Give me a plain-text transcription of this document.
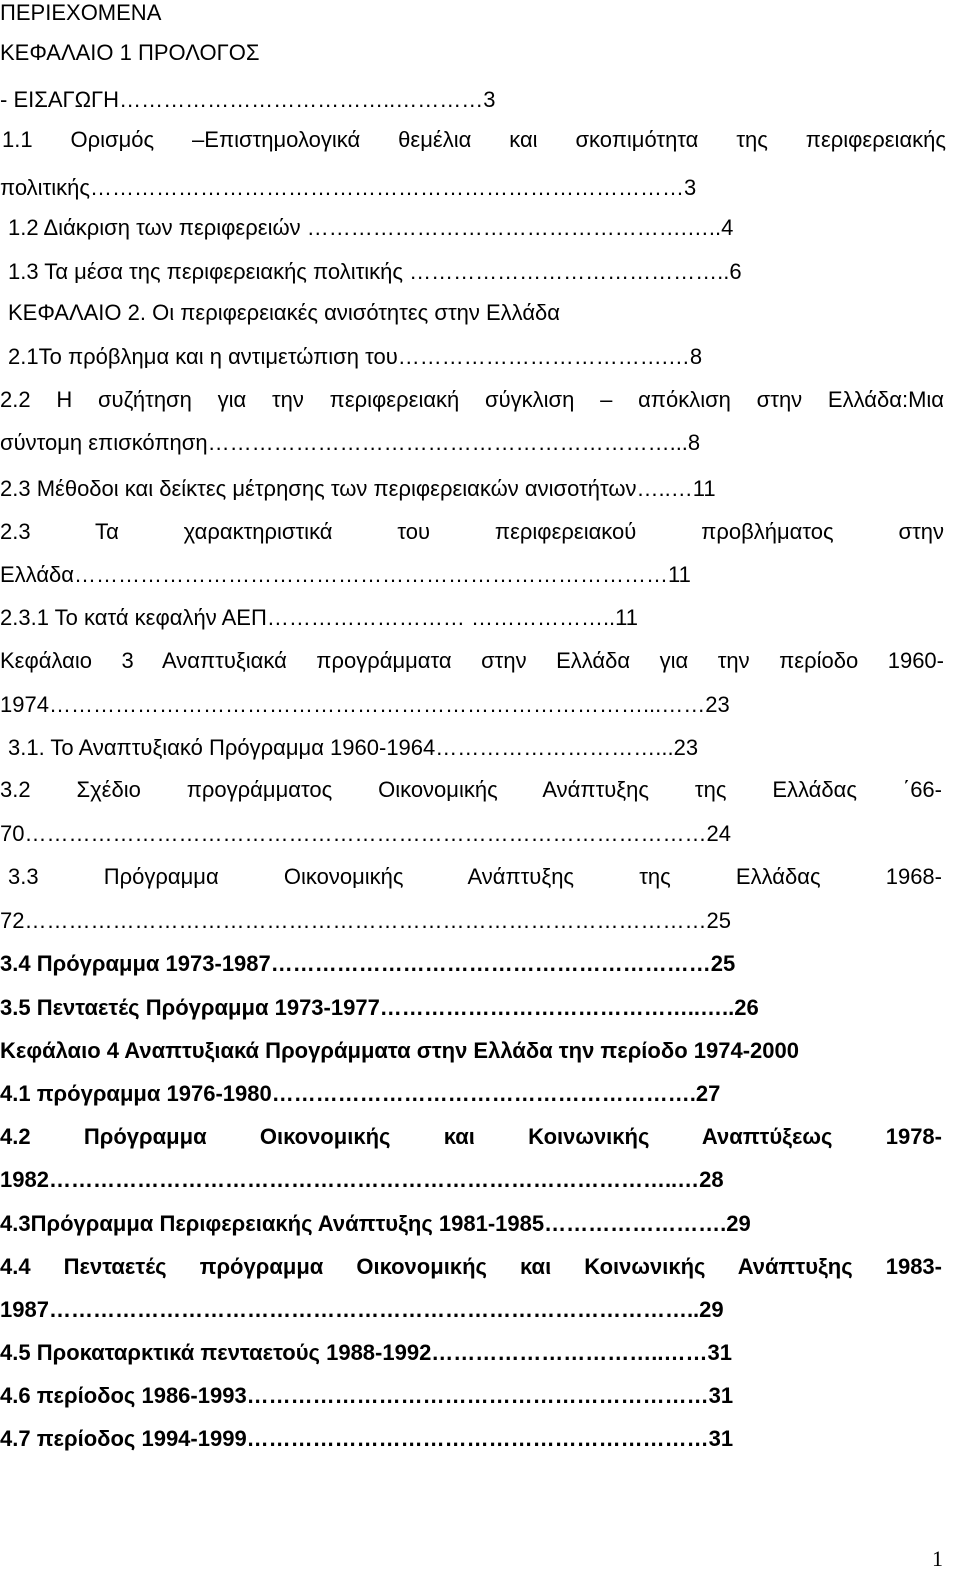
ΠΕΡΙΕΧΟΜΕΝΑ
ΚΕΦΑΛΑΙΟ 1 ΠΡΟΛΟΓΟΣ
- ΕΙΣΑΓΩΓΗ………………………………..…………3
1.1 Ορισμός –Επιστημολογικά θεμέλια και σκοπιμότητα της περιφερειακής
πολιτικής………………………………………………………………………3
1.2 Διάκριση των περιφερειών …………………………………………….…..4
1.3 Τα μέσα της περιφερειακής πολιτικής ……………………………………..6
ΚΕΦΑΛΑΙΟ 2. Οι περιφερειακές ανισότητες στην Ελλάδα
2.1Το πρόβλημα και η αντιμετώπιση του……………………………….…8
2.2 Η συζήτηση για την περιφερειακή σύγκλιση – απόκλιση στην Ελλάδα:Μια
σύντομη επισκόπηση………………………………………………………...8
2.3 Μέθοδοι και δείκτες μέτρησης των περιφερειακών ανισοτήτων…..…11
2.3 Τα χαρακτηριστικά του περιφερειακού προβλήματος στην
Ελλάδα………………………………………………………………………11
2.3.1 Το κατά κεφαλήν ΑΕΠ……………………… ………………..11
Κεφάλαιο 3 Αναπτυξιακά προγράμματα στην Ελλάδα για την περίοδο 1960-
1974………………………………………………………………………...……23
3.1. Το Αναπτυξιακό Πρόγραμμα 1960-1964…………………………...23
3.2 Σχέδιο προγράμματος Οικονομικής Ανάπτυξης της Ελλάδας ΄66-
70…………………………………………………………………………………24
3.3 Πρόγραμμα Οικονομικής Ανάπτυξης της Ελλάδας 1968-
72…………………………………………………………………………………25
3.4 Πρόγραμμα 1973-1987……………………………………………………25
3.5 Πενταετές Πρόγραμμα 1973-1977……………………………………..…..26
Κεφάλαιο 4 Αναπτυξιακά Προγράμματα στην Ελλάδα την περίοδο 1974-2000
4.1 πρόγραμμα 1976-1980………………………………………………….27
4.2 Πρόγραμμα Οικονομικής και Κοινωνικής Αναπτύξεως 1978-
1982…………………………………………………………………………..…28
4.3Πρόγραμμα Περιφερειακής Ανάπτυξης 1981-1985…………………….29
4.4 Πενταετές πρόγραμμα Οικονομικής και Κοινωνικής Ανάπτυξης 1983-
1987……………………………………………………………………………..29
4.5 Προκαταρκτικά πενταετούς 1988-1992…………………………..……31
4.6 περίοδος 1986-1993………………………………………………………31
4.7 περίοδος 1994-1999………………………………………………………31
1
